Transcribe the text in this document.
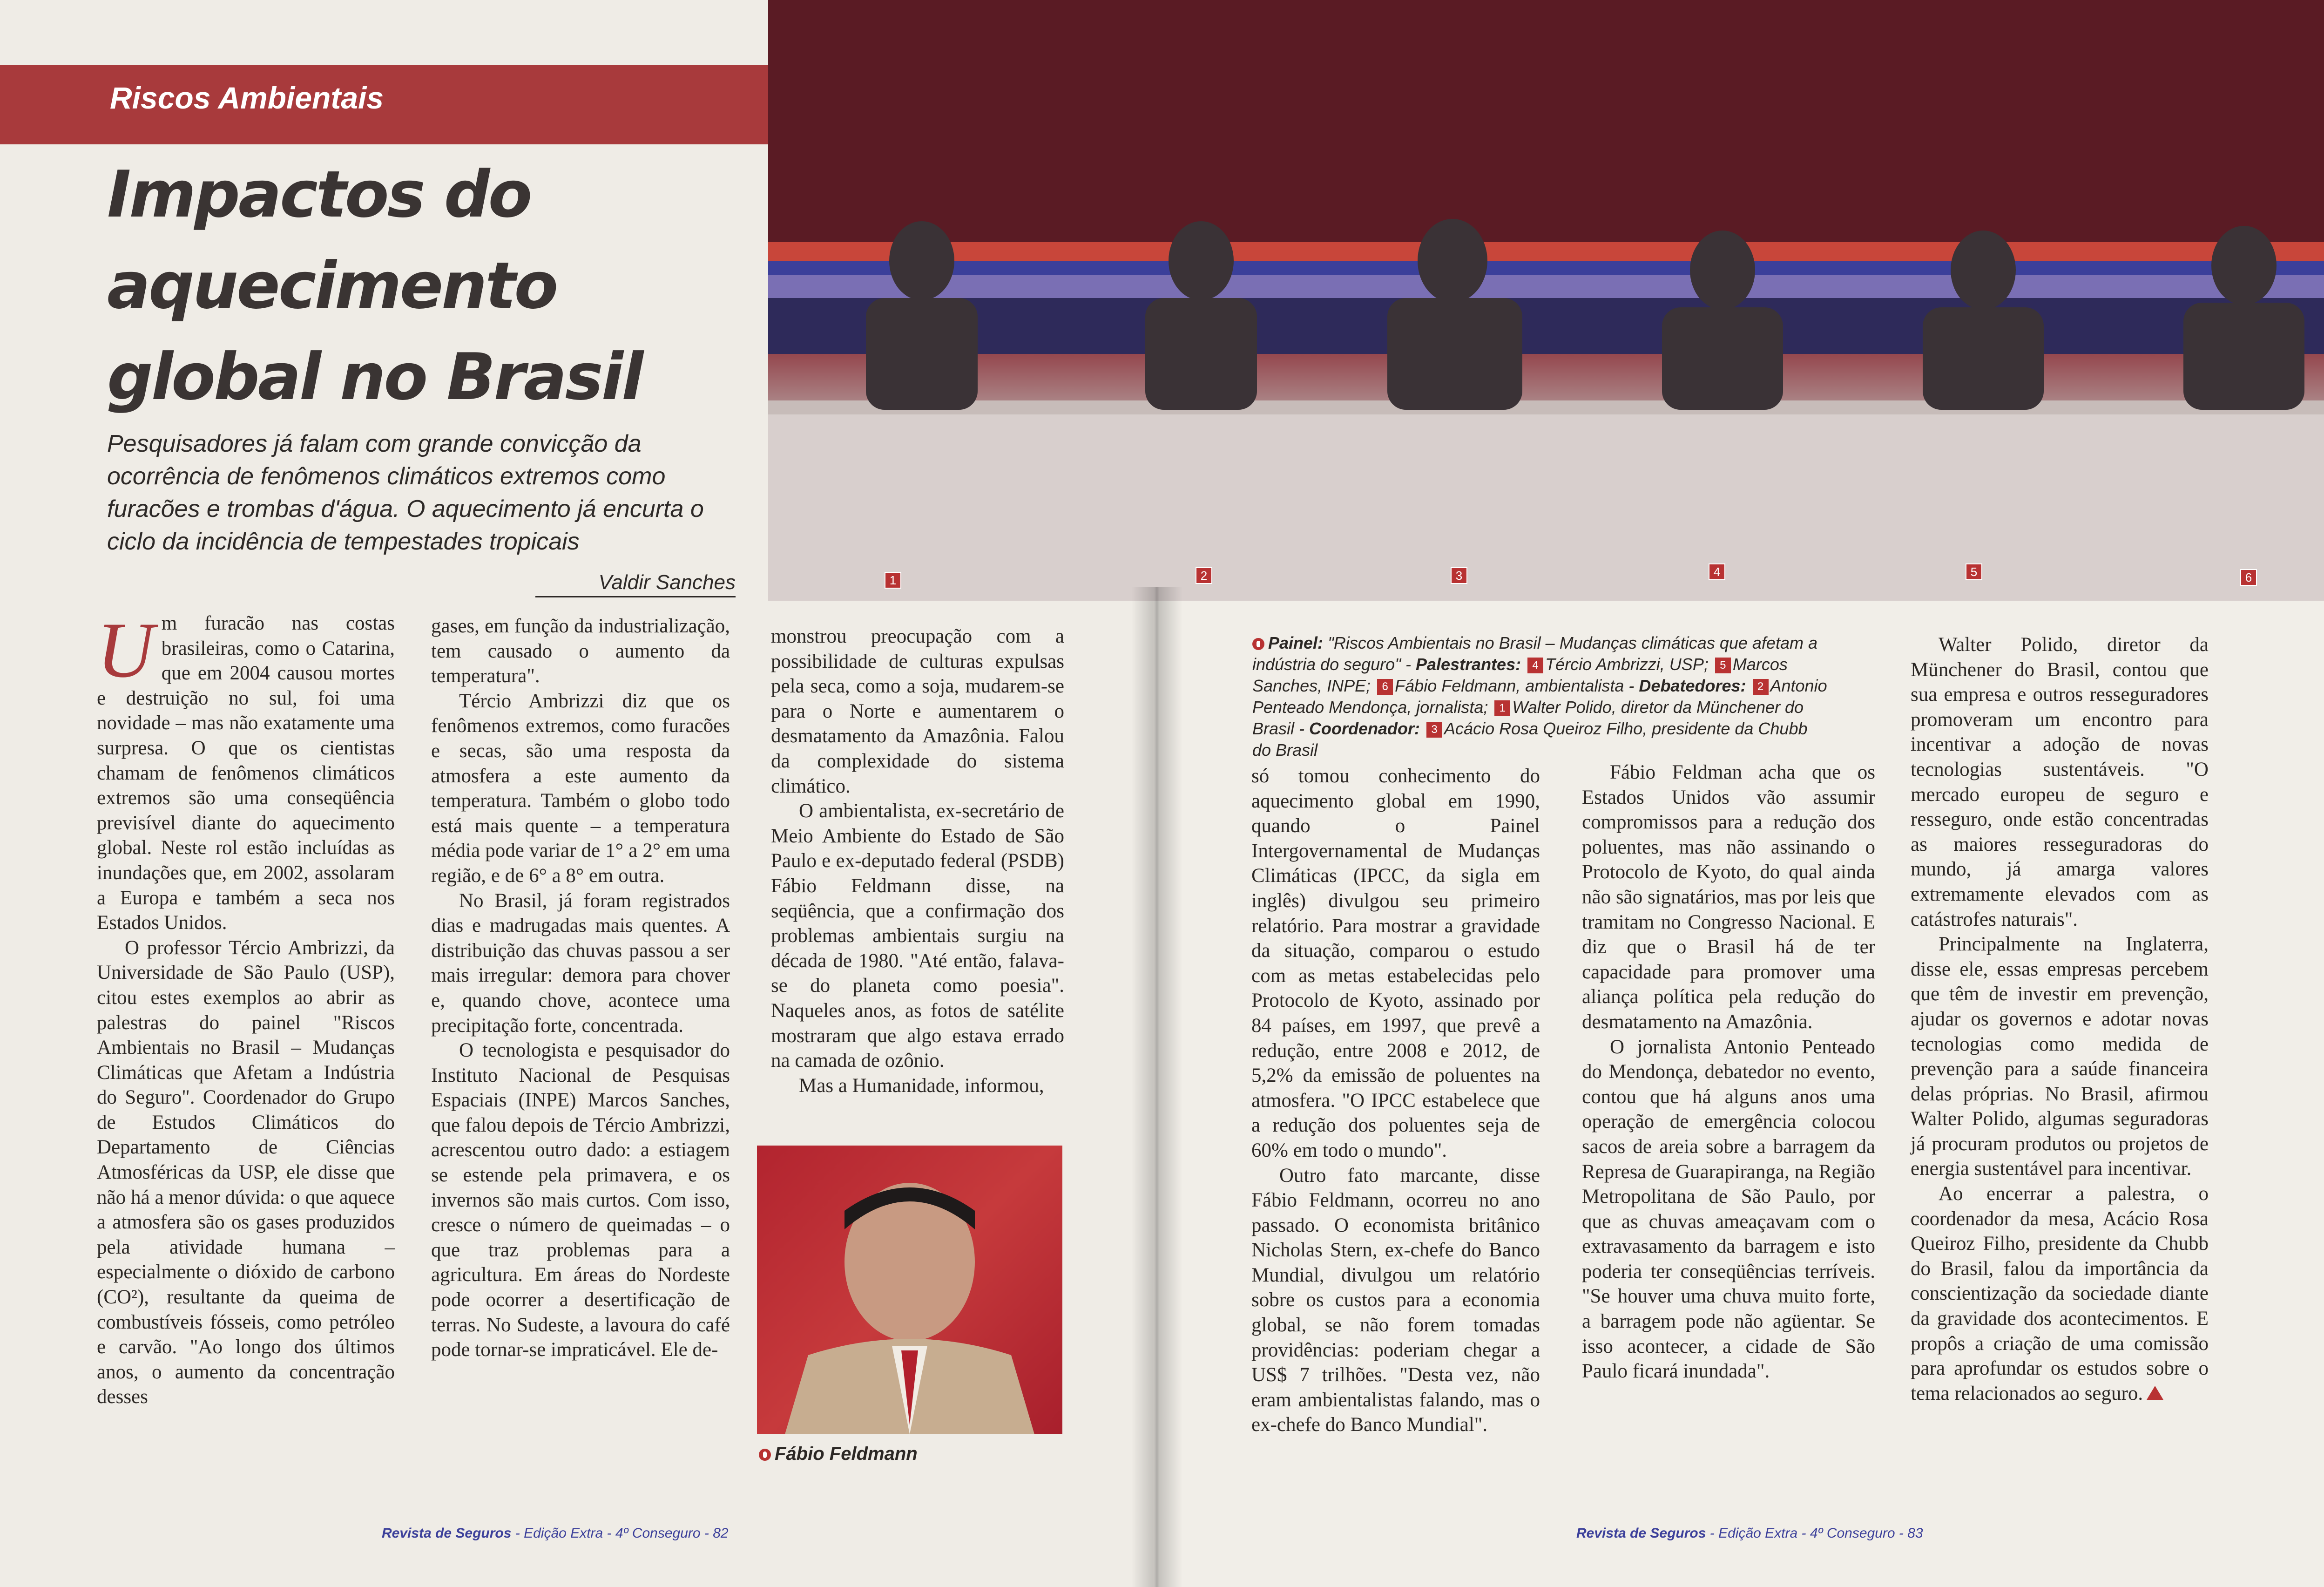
Riscos Ambientais
Impactos do
aquecimento
global no Brasil

Pesquisadores já falam com grande convicção da
ocorrência de fenômenos climáticos extremos como
furacões e trombas d'água. O aquecimento já encurta o
ciclo da incidência de tempestades tropicais

Valdir Sanches	1	2	3	4	5	6

Painel: "Riscos Ambientais no Brasil – Mudanças climáticas que afetam a indústria do seguro" - Palestrantes: 4 Tércio Ambrizzi, USP; 5 Marcos Sanches, INPE; 6 Fábio Feldmann, ambientalista - Debatedores: 2 Antonio Penteado Mendonça, jornalista; 1 Walter Polido, diretor da Münchener do Brasil - Coordenador: 3 Acácio Rosa Queiroz Filho, presidente da Chubb do Brasil

Um furacão nas costas brasileiras, como o Catarina, que em 2004 causou mortes e destruição no sul, foi uma novidade – mas não exatamente uma surpresa. O que os cientistas chamam de fenômenos climáticos extremos são uma conseqüência previsível diante do aquecimento global. Neste rol estão incluídas as inundações que, em 2002, assolaram a Europa e também a seca nos Estados Unidos.

O professor Tércio Ambrizzi, da Universidade de São Paulo (USP), citou estes exemplos ao abrir as palestras do painel "Riscos Ambientais no Brasil – Mudanças Climáticas que Afetam a Indústria do Seguro". Coordenador do Grupo de Estudos Climáticos do Departamento de Ciências Atmosféricas da USP, ele disse que não há a menor dúvida: o que aquece a atmosfera são os gases produzidos pela atividade humana – especialmente o dióxido de carbono (CO²), resultante da queima de combustíveis fósseis, como petróleo e carvão. "Ao longo dos últimos anos, o aumento da concentração desses

gases, em função da industrialização, tem causado o aumento da temperatura".

Tércio Ambrizzi diz que os fenômenos extremos, como furacões e secas, são uma resposta da atmosfera a este aumento da temperatura. Também o globo todo está mais quente – a temperatura média pode variar de 1° a 2° em uma região, e de 6° a 8° em outra.

No Brasil, já foram registrados dias e madrugadas mais quentes. A distribuição das chuvas passou a ser mais irregular: demora para chover e, quando chove, acontece uma precipitação forte, concentrada.

O tecnologista e pesquisador do Instituto Nacional de Pesquisas Espaciais (INPE) Marcos Sanches, que falou depois de Tércio Ambrizzi, acrescentou outro dado: a estiagem se estende pela primavera, e os invernos são mais curtos. Com isso, cresce o número de queimadas – o que traz problemas para a agricultura. Em áreas do Nordeste pode ocorrer a desertificação de terras. No Sudeste, a lavoura do café pode tornar-se impraticável. Ele de-

monstrou preocupação com a possibilidade de culturas expulsas pela seca, como a soja, mudarem-se para o Norte e aumentarem o desmatamento da Amazônia. Falou da complexidade do sistema climático.

O ambientalista, ex-secretário de Meio Ambiente do Estado de São Paulo e ex-deputado federal (PSDB) Fábio Feldmann disse, na seqüência, que a confirmação dos problemas ambientais surgiu na década de 1980. "Até então, falava-se do planeta como poesia". Naqueles anos, as fotos de satélite mostraram que algo estava errado na camada de ozônio.

Mas a Humanidade, informou,

Fábio Feldmann

só tomou conhecimento do aquecimento global em 1990, quando o Painel Intergovernamental de Mudanças Climáticas (IPCC, da sigla em inglês) divulgou seu primeiro relatório. Para mostrar a gravidade da situação, comparou o estudo com as metas estabelecidas pelo Protocolo de Kyoto, assinado por 84 países, em 1997, que prevê a redução, entre 2008 e 2012, de 5,2% da emissão de poluentes na atmosfera. "O IPCC estabelece que a redução dos poluentes seja de 60% em todo o mundo".

Outro fato marcante, disse Fábio Feldmann, ocorreu no ano passado. O economista britânico Nicholas Stern, ex-chefe do Banco Mundial, divulgou um relatório sobre os custos para a economia global, se não forem tomadas providências: poderiam chegar a US$ 7 trilhões. "Desta vez, não eram ambientalistas falando, mas o ex-chefe do Banco Mundial".

Fábio Feldman acha que os Estados Unidos vão assumir compromissos para a redução dos poluentes, mas não assinando o Protocolo de Kyoto, do qual ainda não são signatários, mas por leis que tramitam no Congresso Nacional. E diz que o Brasil há de ter capacidade para promover uma aliança política pela redução do desmatamento na Amazônia.

O jornalista Antonio Penteado do Mendonça, debatedor no evento, contou que há alguns anos uma operação de emergência colocou sacos de areia sobre a barragem da Represa de Guarapiranga, na Região Metropolitana de São Paulo, por que as chuvas ameaçavam com o extravasamento da barragem e isto poderia ter conseqüências terríveis. "Se houver uma chuva muito forte, a barragem pode não agüentar. Se isso acontecer, a cidade de São Paulo ficará inundada".

Walter Polido, diretor da Münchener do Brasil, contou que sua empresa e outros resseguradores promoveram um encontro para incentivar a adoção de novas tecnologias sustentáveis. "O mercado europeu de seguro e resseguro, onde estão concentradas as maiores resseguradoras do mundo, já amarga valores extremamente elevados com as catástrofes naturais".

Principalmente na Inglaterra, disse ele, essas empresas percebem que têm de investir em prevenção, ajudar os governos e adotar novas tecnologias como medida de prevenção para a saúde financeira delas próprias. No Brasil, afirmou Walter Polido, algumas seguradoras já procuram produtos ou projetos de energia sustentável para incentivar.

Ao encerrar a palestra, o coordenador da mesa, Acácio Rosa Queiroz Filho, presidente da Chubb do Brasil, falou da importância da conscientização da sociedade diante da gravidade dos acontecimentos. E propôs a criação de uma comissão para aprofundar os estudos sobre o tema relacionados ao seguro.

Revista de Seguros - Edição Extra - 4º Conseguro - 82	Revista de Seguros - Edição Extra - 4º Conseguro - 83
